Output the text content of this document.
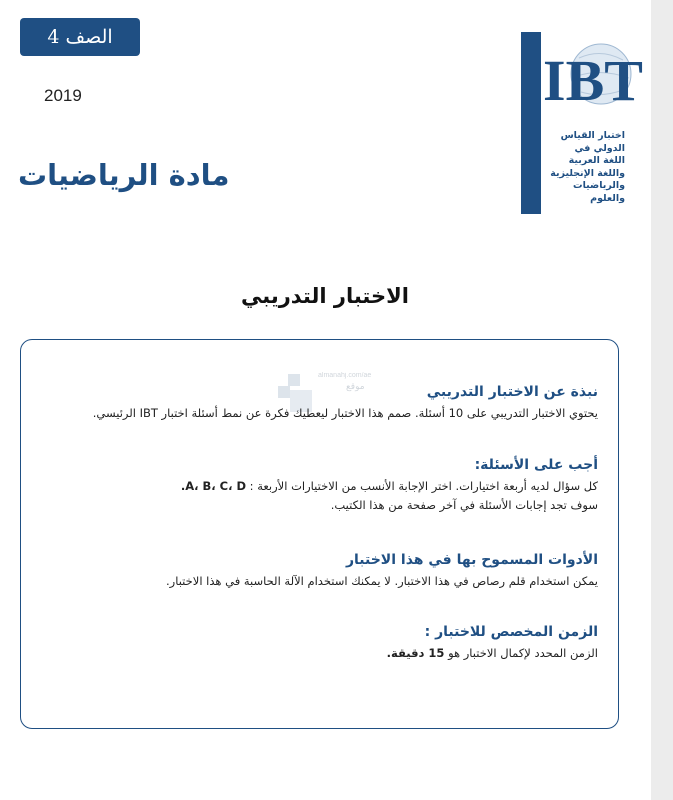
الصف 4
2019
مادة الرياضيات
IBT
اختبار القياس
الدولي في
اللغة العربية
واللغة الإنجليزية
والرياضيات
والعلوم
الاختبار التدريبي
almanahj.com/ae
موقع	نبذة عن الاختبار التدريبي

يحتوي الاختبار التدريبي على 10 أسئلة. صمم هذا الاختبار ليعطيك فكرة عن نمط أسئلة اختبار IBT الرئيسي.

أجب على الأسئلة:

كل سؤال لديه أربعة اختيارات. اختر الإجابة الأنسب من الاختيارات الأربعة : A، B، C، D.

سوف تجد إجابات الأسئلة في آخر صفحة من هذا الكتيب.

الأدوات المسموح بها في هذا الاختبار

يمكن استخدام قلم رصاص في هذا الاختبار. لا يمكنك استخدام الآلة الحاسبة في هذا الاختبار.

الزمن المخصص للاختبار :

الزمن المحدد لإكمال الاختبار هو 15 دقيقة.
